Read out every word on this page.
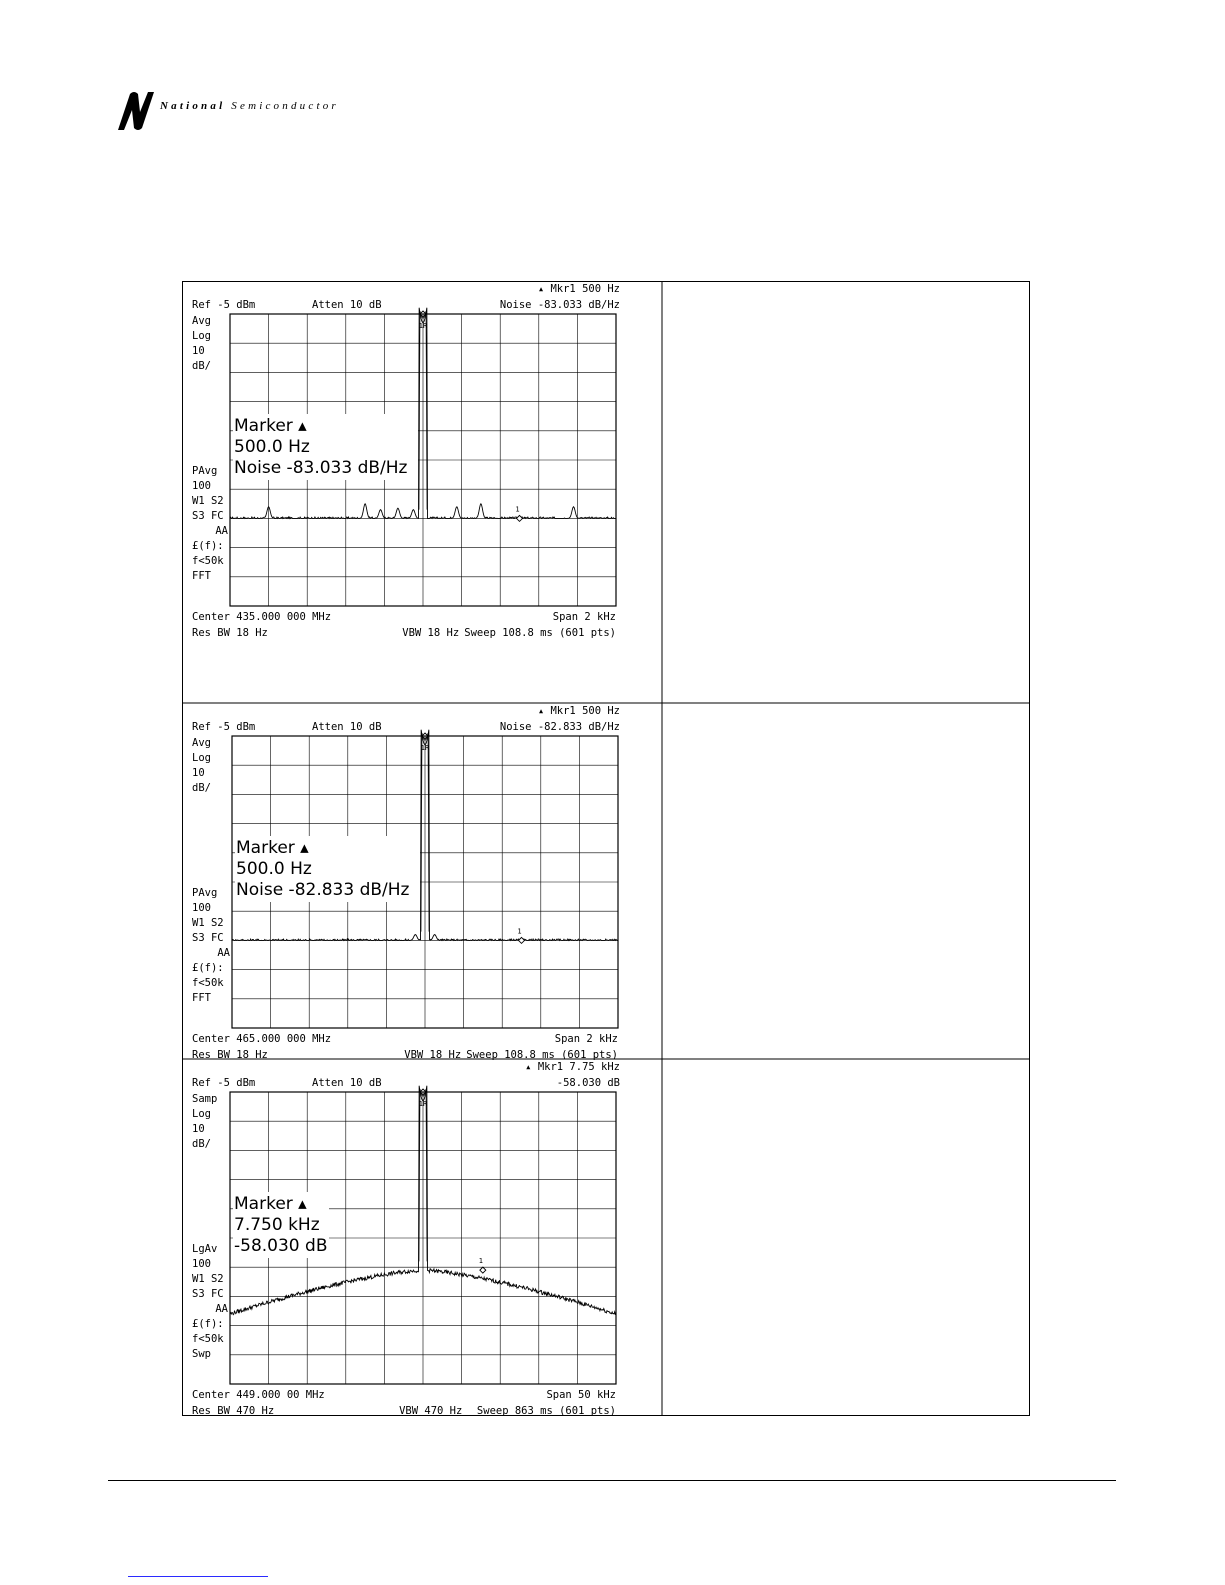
National Semiconductor
▴ Mkr1 500 Hz
Ref -5 dBm	Atten 10 dB	Noise -83.033 dB/Hz
Avg
Log
10
dB/
PAvg
100
W1 S2
S3 FC
AA
£(f):
f<50k
FFT
1R
1
Marker ▴
500.0 Hz
Noise -83.033 dB/Hz
Center 435.000 000 MHz	Span 2 kHz
Res BW 18 Hz	VBW 18 Hz Sweep 108.8 ms (601 pts)
▴ Mkr1 500 Hz
Ref -5 dBm	Atten 10 dB	Noise -82.833 dB/Hz
Avg
Log
10
dB/
PAvg
100
W1 S2
S3 FC
AA
£(f):
f<50k
FFT
1R
1
Marker ▴
500.0 Hz
Noise -82.833 dB/Hz
Center 465.000 000 MHz	Span 2 kHz
Res BW 18 Hz	VBW 18 Hz Sweep 108.8 ms (601 pts)
▴ Mkr1 7.75 kHz
Ref -5 dBm	Atten 10 dB	-58.030 dB
Samp
Log
10
dB/
LgAv
100
W1 S2
S3 FC
AA
£(f):
f<50k
Swp
1R
1
Marker ▴
7.750 kHz
-58.030 dB
Center 449.000 00 MHz	Span 50 kHz
Res BW 470 Hz	VBW 470 Hz Sweep 863 ms (601 pts)
